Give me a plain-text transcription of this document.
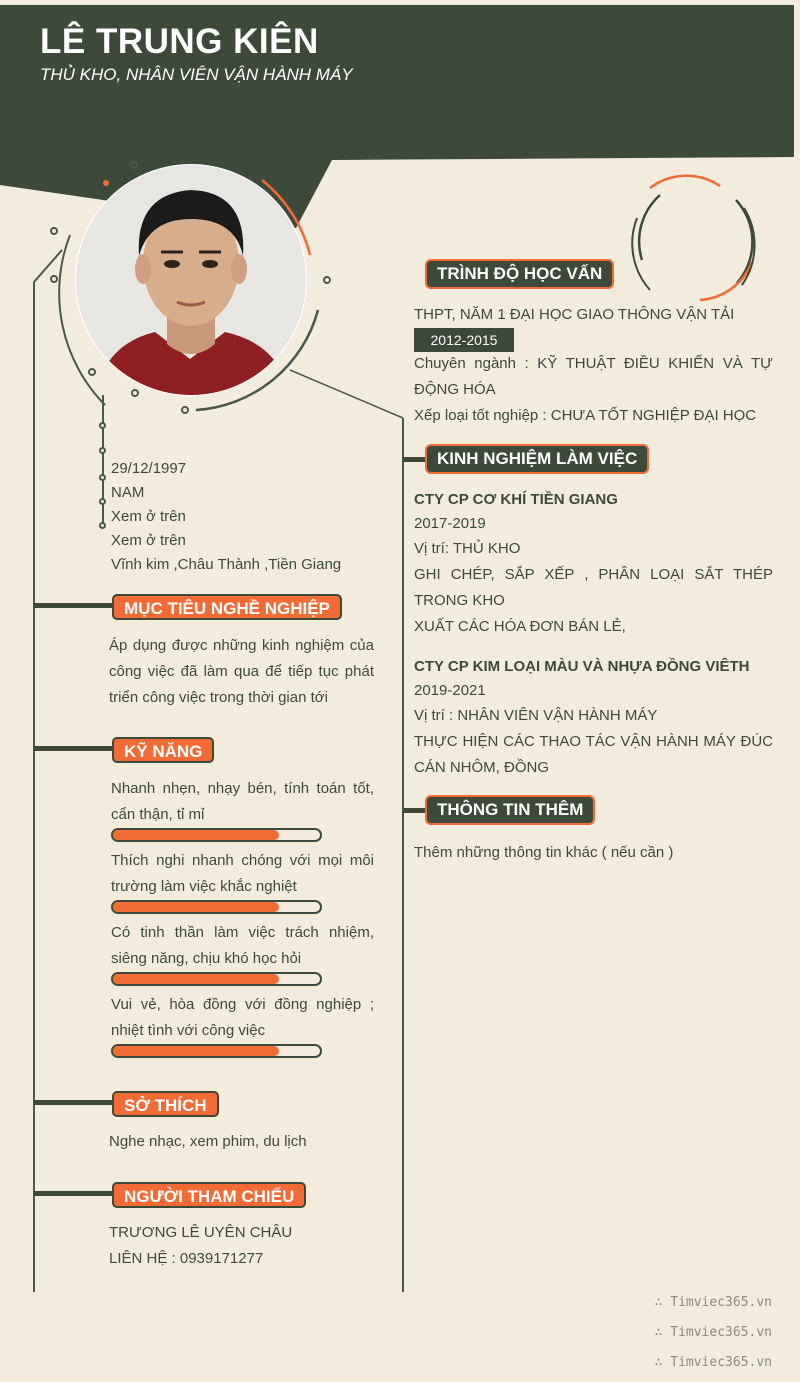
LÊ TRUNG KIÊN
THỦ KHO, NHÂN VIÊN VẬN HÀNH MÁY
29/12/1997
NAM
Xem ở trên
Xem ở trên
Vĩnh kim ,Châu Thành ,Tiền Giang
MỤC TIÊU NGHỀ NGHIỆP
Áp dụng được những kinh nghiệm của công việc đã làm qua để tiếp tục phát triển công việc trong thời gian tới
KỸ NĂNG
Nhanh nhẹn, nhạy bén, tính toán tốt, cẩn thận, tỉ mỉ
Thích nghi nhanh chóng với mọi môi trường làm việc khắc nghiệt
Có tinh thần làm việc trách nhiệm, siêng năng, chịu khó học hỏi
Vui vẻ, hòa đồng với đồng nghiệp ; nhiệt tình với công việc
SỞ THÍCH
Nghe nhạc, xem phim, du lịch
NGƯỜI THAM CHIẾU
TRƯƠNG LÊ UYÊN CHÂU
LIÊN HỆ : 0939171277
TRÌNH ĐỘ HỌC VẤN
THPT, NĂM 1 ĐẠI HỌC GIAO THÔNG VẬN TẢI
2012-2015
Chuyên ngành : KỸ THUẬT ĐIỀU KHIỂN VÀ TỰ ĐỘNG HÓA
Xếp loại tốt nghiệp : CHƯA TỐT NGHIỆP ĐẠI HỌC
KINH NGHIỆM LÀM VIỆC
CTY CP CƠ KHÍ TIỀN GIANG
2017-2019
Vị trí: THỦ KHO
GHI CHÉP, SẮP XẾP , PHÂN LOẠI SẮT THÉP TRONG KHO
XUẤT CÁC HÓA ĐƠN BÁN LẺ,
CTY CP KIM LOẠI MÀU VÀ NHỰA ĐỒNG VIÊTH
2019-2021
Vị trí : NHÂN VIÊN VẬN HÀNH MÁY
THỰC HIỆN CÁC THAO TÁC VẬN HÀNH MÁY ĐÚC CÁN NHÔM, ĐỒNG
THÔNG TIN THÊM
Thêm những thông tin khác ( nếu cần )
∴ Timviec365.vn
∴ Timviec365.vn
∴ Timviec365.vn
